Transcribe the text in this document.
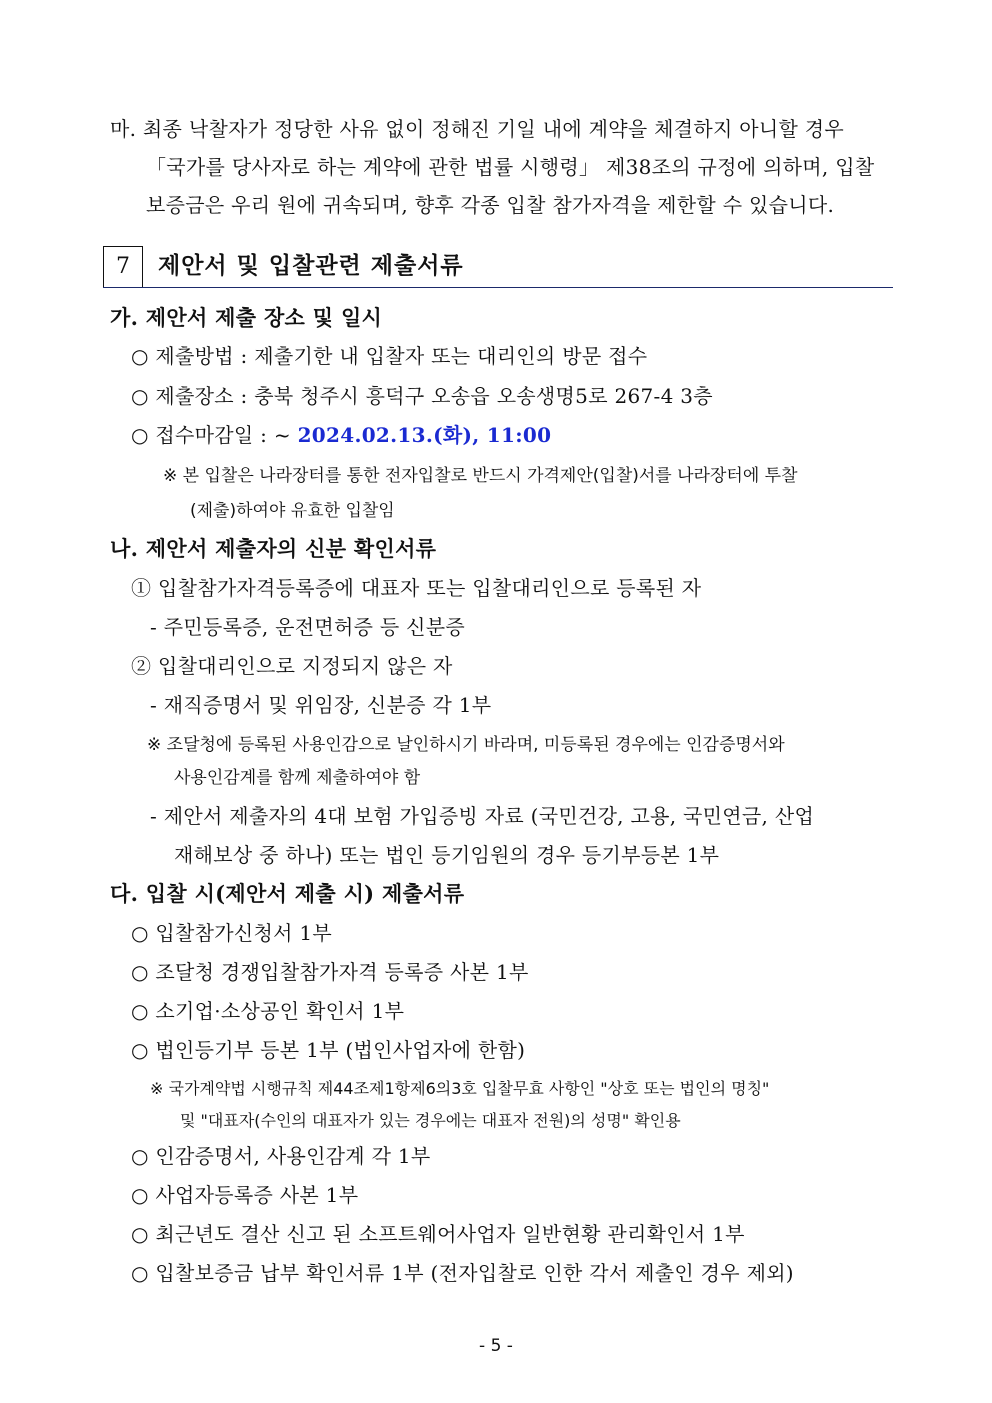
마. 최종 낙찰자가 정당한 사유 없이 정해진 기일 내에 계약을 체결하지 아니할 경우
「국가를 당사자로 하는 계약에 관한 법률 시행령」 제38조의 규정에 의하며, 입찰
보증금은 우리 원에 귀속되며, 향후 각종 입찰 참가자격을 제한할 수 있습니다.
7	제안서 및 입찰관련 제출서류
가. 제안서 제출 장소 및 일시
○ 제출방법 : 제출기한 내 입찰자 또는 대리인의 방문 접수
○ 제출장소 : 충북 청주시 흥덕구 오송읍 오송생명5로 267-4 3층
○ 접수마감일 : ~ 2024.02.13.(화), 11:00
※ 본 입찰은 나라장터를 통한 전자입찰로 반드시 가격제안(입찰)서를 나라장터에 투찰
(제출)하여야 유효한 입찰임
나. 제안서 제출자의 신분 확인서류
① 입찰참가자격등록증에 대표자 또는 입찰대리인으로 등록된 자
- 주민등록증, 운전면허증 등 신분증
② 입찰대리인으로 지정되지 않은 자
- 재직증명서 및 위임장, 신분증 각 1부
※ 조달청에 등록된 사용인감으로 날인하시기 바라며, 미등록된 경우에는 인감증명서와
사용인감계를 함께 제출하여야 함
- 제안서 제출자의 4대 보험 가입증빙 자료 (국민건강, 고용, 국민연금, 산업
재해보상 중 하나) 또는 법인 등기임원의 경우 등기부등본 1부
다. 입찰 시(제안서 제출 시) 제출서류
○ 입찰참가신청서 1부
○ 조달청 경쟁입찰참가자격 등록증 사본 1부
○ 소기업·소상공인 확인서 1부
○ 법인등기부 등본 1부 (법인사업자에 한함)
※ 국가계약법 시행규칙 제44조제1항제6의3호 입찰무효 사항인 "상호 또는 법인의 명칭"
및 "대표자(수인의 대표자가 있는 경우에는 대표자 전원)의 성명" 확인용
○ 인감증명서, 사용인감계 각 1부
○ 사업자등록증 사본 1부
○ 최근년도 결산 신고 된 소프트웨어사업자 일반현황 관리확인서 1부
○ 입찰보증금 납부 확인서류 1부 (전자입찰로 인한 각서 제출인 경우 제외)
- 5 -
